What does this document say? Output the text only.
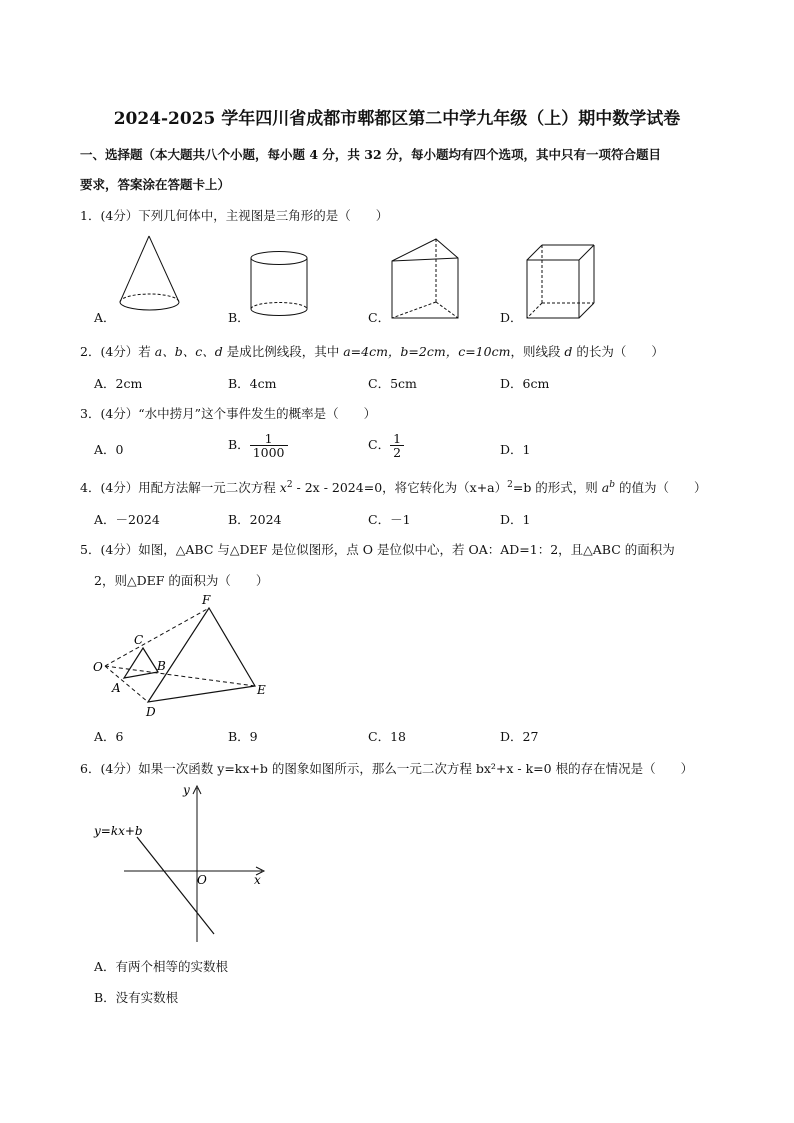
2024-2025 学年四川省成都市郫都区第二中学九年级（上）期中数学试卷
一、选择题（本大题共八个小题，每小题 4 分，共 32 分，每小题均有四个选项，其中只有一项符合题目
要求，答案涂在答题卡上）
1．(4分）下列几何体中，主视图是三角形的是（　　）
A．	B．	C．	D．
2．(4分）若 a、b、c、d 是成比例线段，其中 a=4cm，b=2cm，c=10cm，则线段 d 的长为（　　）
A．2cm	B．4cm	C．5cm	D．6cm
3．(4分）“水中捞月”这个事件发生的概率是（　　）
A．0	B． $\frac{1}{1000}$	C． $\frac{1}{2}$	D．1
4．(4分）用配方法解一元二次方程 $x^2 - 2x - 2024=0$，将它转化为$(x+a)^2=b$ 的形式，则 $a^b$ 的值为（　　）
A．－2024	B．2024	C．－1	D．1
5．(4分）如图，△ABC 与△DEF 是位似图形，点 O 是位似中心，若 OA：AD=1：2，且△ABC 的面积为
2，则△DEF 的面积为（　　）
F
C
O	B
A	E
D
A．6	B．9	C．18	D．27
6．(4分）如果一次函数 y=kx+b 的图象如图所示，那么一元二次方程 bx²+x - k=0 根的存在情况是（　　）
y
x
O
y=kx+b
A．有两个相等的实数根
B．没有实数根
